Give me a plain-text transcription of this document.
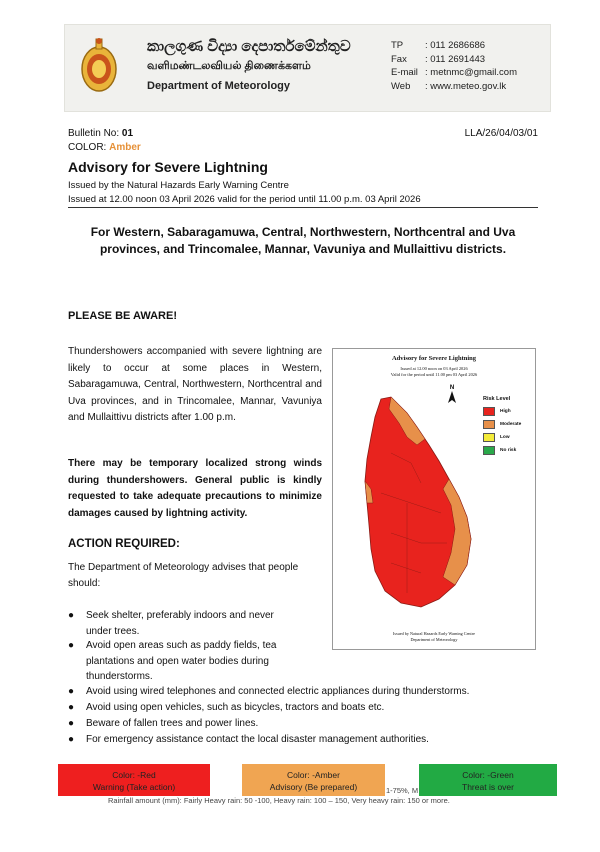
කාලගුණ විද්‍යා දෙපාර්තමේන්තුව
வளிமண்டலவியல் திணைக்களம்
Department of Meteorology
TP	: 011 2686686
Fax	: 011 2691443
E-mail : metnmc@gmail.com
Web	: www.meteo.gov.lk
Bulletin No: 01	LLA/26/04/03/01
COLOR: Amber
Advisory for Severe Lightning
Issued by the Natural Hazards Early Warning Centre
Issued at 12.00 noon 03 April 2026 valid for the period until 11.00 p.m. 03 April 2026
For Western, Sabaragamuwa, Central, Northwestern, Northcentral and Uva provinces, and Trincomalee, Mannar, Vavuniya and Mullaittivu districts.
PLEASE BE AWARE!
Thundershowers accompanied with severe lightning are likely to occur at some places in Western, Sabaragamuwa, Central, Northwestern, Northcentral and Uva provinces, and in Trincomalee, Mannar, Vavuniya and Mullaittivu districts after 1.00 p.m.
There may be temporary localized strong winds during thundershowers. General public is kindly requested to take adequate precautions to minimize damages caused by lightning activity.
ACTION REQUIRED:
The Department of Meteorology advises that people should:
● Seek shelter, preferably indoors and never
under trees.
● Avoid open areas such as paddy fields, tea
plantations and open water bodies during
thunderstorms.
● Avoid using wired telephones and connected electric appliances during thunderstorms.
● Avoid using open vehicles, such as bicycles, tractors and boats etc.
● Beware of fallen trees and power lines.
● For emergency assistance contact the local disaster management authorities.
Advisory for Severe Lightning
Issued at 12.00 noon on 03 April 2026
Valid for the period until 11.00 pm 03 April 2026
N
Risk Level
High
Moderate
Low
No risk
Issued by Natural Hazards Early Warning Centre
Department of Meteorology
1-75%, M
Rainfall amount (mm): Fairly Heavy rain: 50 -100, Heavy rain: 100 – 150, Very heavy rain: 150 or more.
Color: -Red
Warning (Take action)
Color: -Amber
Advisory (Be prepared)
Color: -Green
Threat is over
